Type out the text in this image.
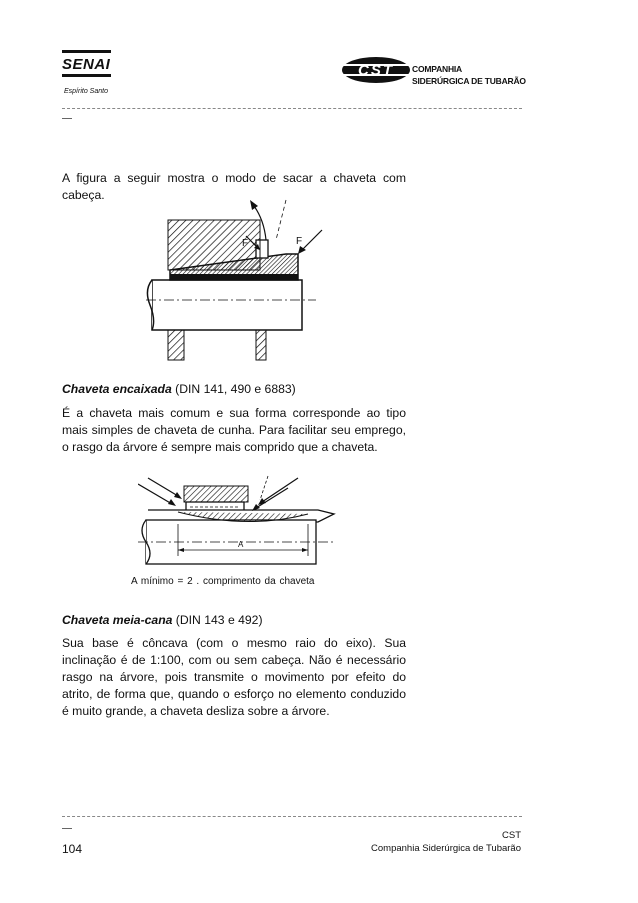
SENAI
Espírito Santo
CST COMPANHIA
SIDERÚRGICA DE TUBARÃO
A figura a seguir mostra o modo de sacar a chaveta com cabeça.
F	F
Chaveta encaixada (DIN 141, 490 e 6883)
É a chaveta mais comum e sua forma corresponde ao tipo mais simples de chaveta de cunha. Para facilitar seu emprego, o rasgo da árvore é sempre mais comprido que a chaveta.
A
A mínimo = 2 . comprimento da chaveta
Chaveta meia-cana (DIN 143 e 492)
Sua base é côncava (com o mesmo raio do eixo). Sua inclinação é de 1:100, com ou sem cabeça. Não é necessário rasgo na árvore, pois transmite o movimento por efeito do atrito, de forma que, quando o esforço no elemento conduzido é muito grande, a chaveta desliza sobre a árvore.
104
CST
Companhia Siderúrgica de Tubarão
